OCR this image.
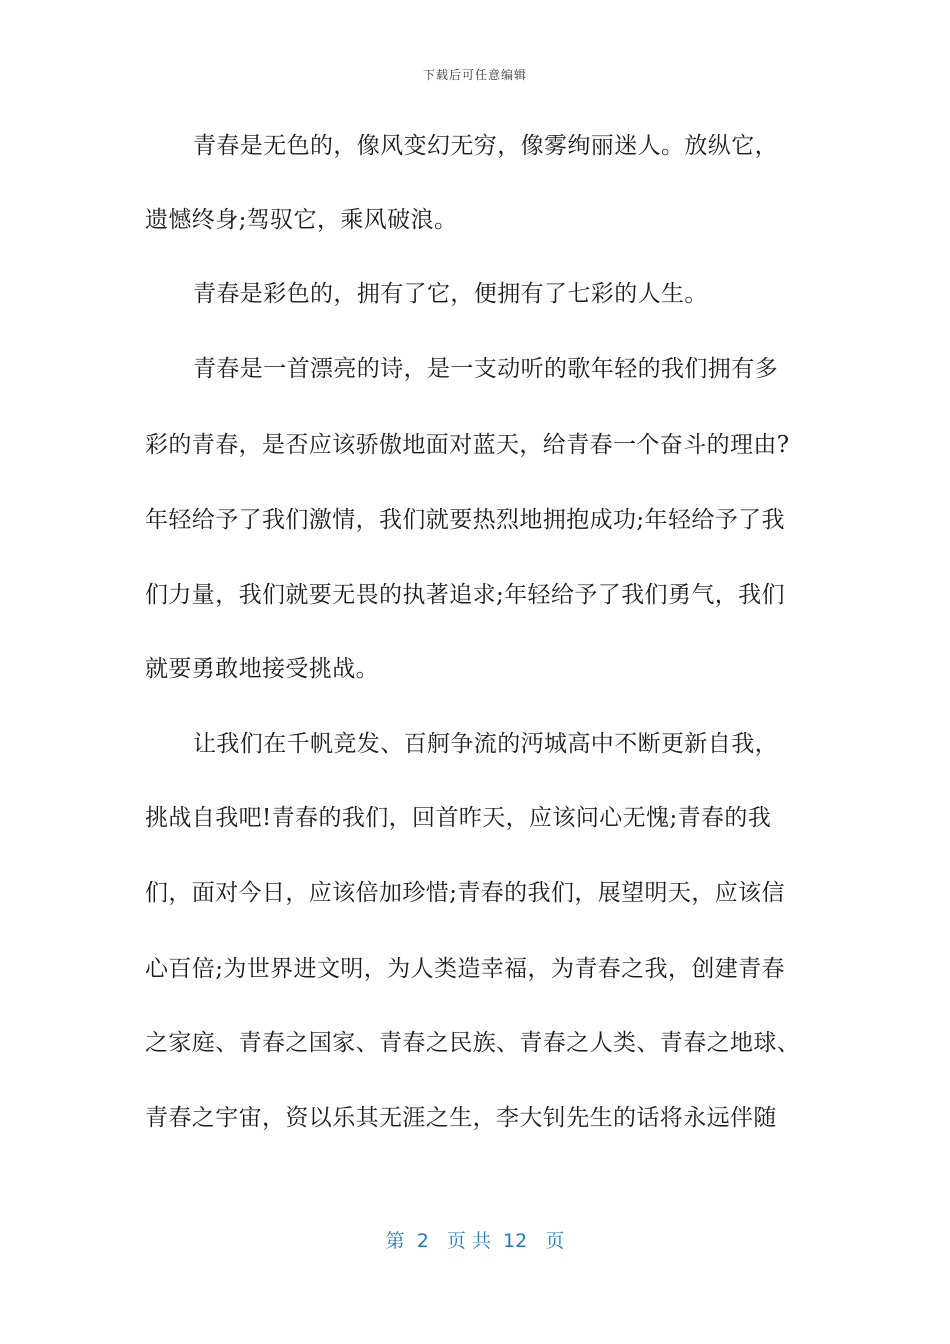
下载后可任意编辑
青春是无色的，像风变幻无穷，像雾绚丽迷人。放纵它，
遗憾终身;驾驭它，乘风破浪。
青春是彩色的，拥有了它，便拥有了七彩的人生。
青春是一首漂亮的诗，是一支动听的歌年轻的我们拥有多
彩的青春，是否应该骄傲地面对蓝天，给青春一个奋斗的理由?
年轻给予了我们激情，我们就要热烈地拥抱成功;年轻给予了我
们力量，我们就要无畏的执著追求;年轻给予了我们勇气，我们
就要勇敢地接受挑战。
让我们在千帆竞发、百舸争流的沔城高中不断更新自我，
挑战自我吧!青春的我们，回首昨天，应该问心无愧;青春的我
们，面对今日，应该倍加珍惜;青春的我们，展望明天，应该信
心百倍;为世界进文明，为人类造幸福，为青春之我，创建青春
之家庭、青春之国家、青春之民族、青春之人类、青春之地球、
青春之宇宙，资以乐其无涯之生，李大钊先生的话将永远伴随
第  2   页 共  12   页
